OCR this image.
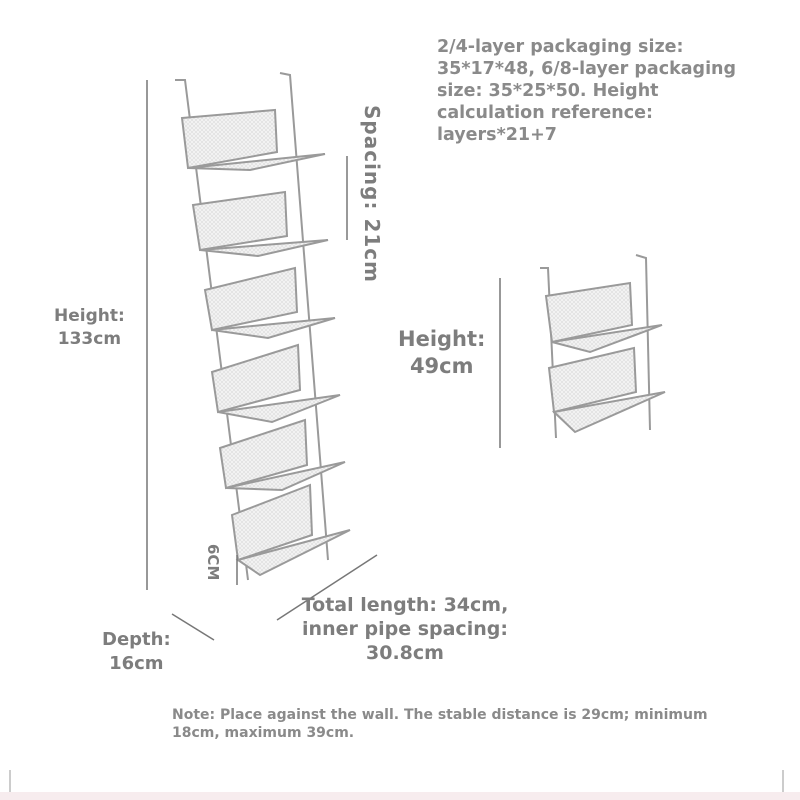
2/4-layer packaging size:
35*17*48, 6/8-layer packaging
size: 35*25*50. Height
calculation reference:
layers*21+7
Spacing: 21cm
Height:
133cm	Height:
49cm
6CM
Total length: 34cm, inner pipe spacing: 30.8cm
Depth:
16cm
Note: Place against the wall. The stable distance is 29cm; minimum 18cm, maximum 39cm.
